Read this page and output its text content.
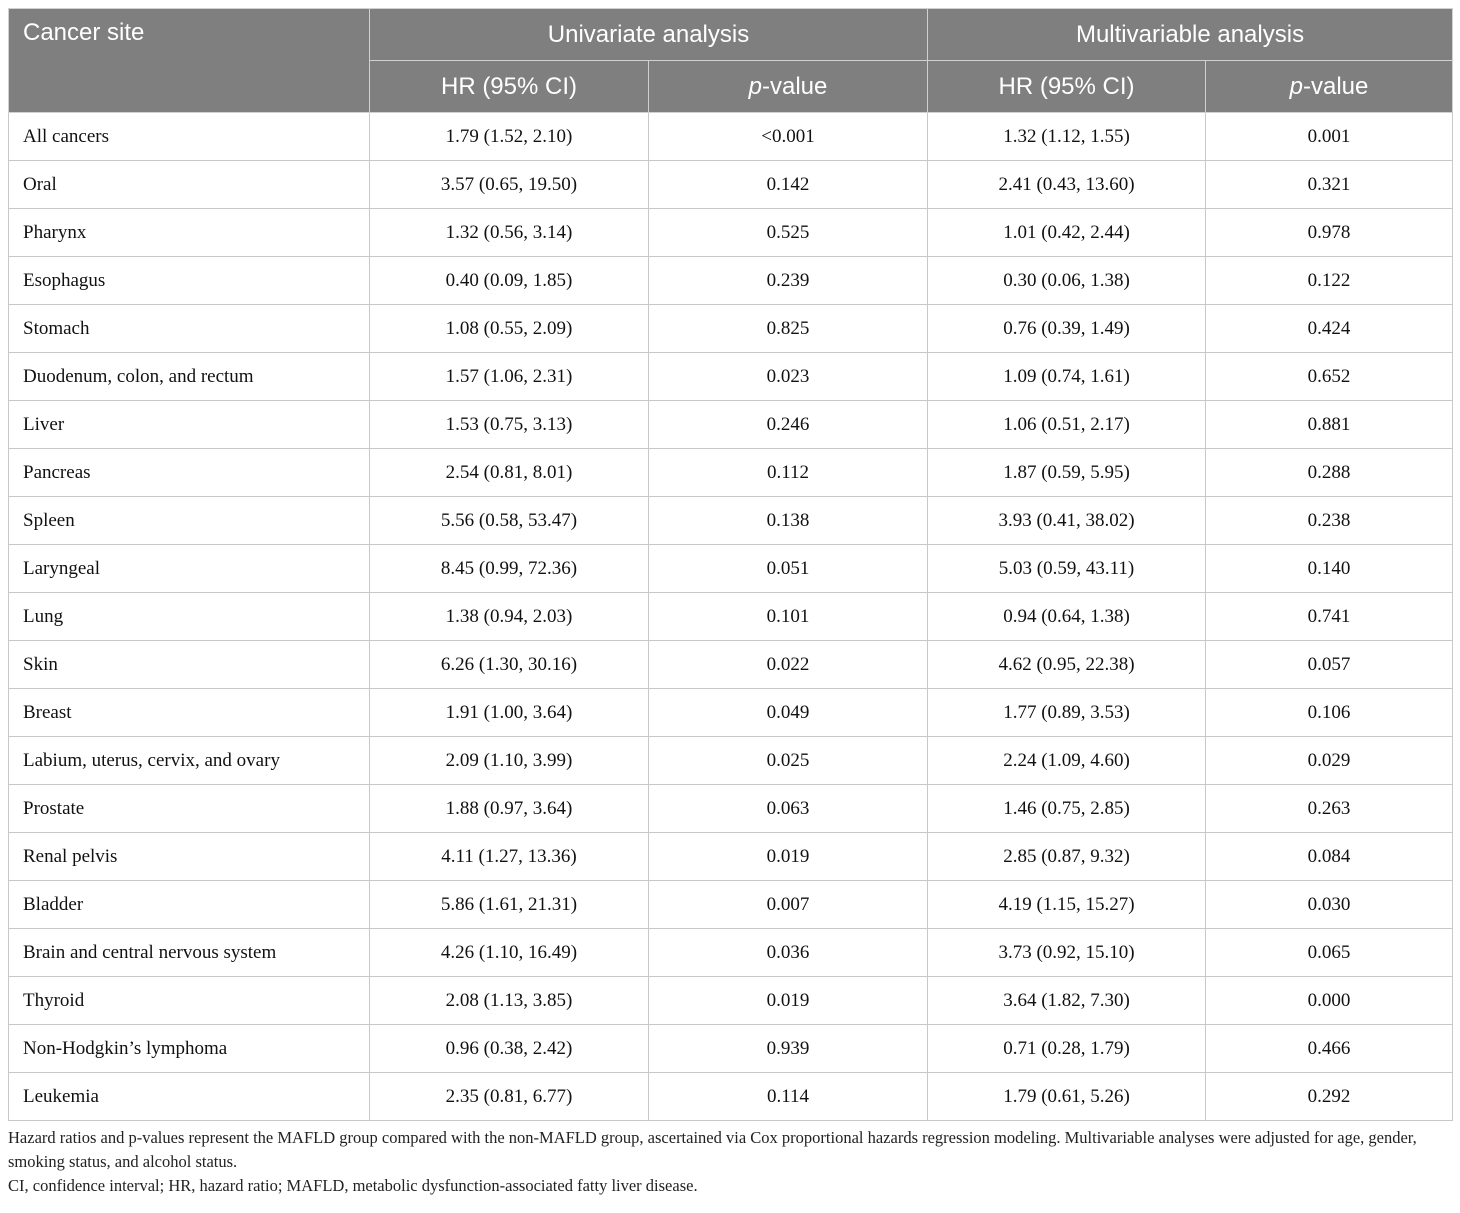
Cancer site	Univariate analysis		Multivariable analysis	
	HR (95% CI)	p-value	HR (95% CI)	p-value
All cancers	1.79 (1.52, 2.10)	<0.001	1.32 (1.12, 1.55)	0.001
Oral	3.57 (0.65, 19.50)	0.142	2.41 (0.43, 13.60)	0.321
Pharynx	1.32 (0.56, 3.14)	0.525	1.01 (0.42, 2.44)	0.978
Esophagus	0.40 (0.09, 1.85)	0.239	0.30 (0.06, 1.38)	0.122
Stomach	1.08 (0.55, 2.09)	0.825	0.76 (0.39, 1.49)	0.424
Duodenum, colon, and rectum	1.57 (1.06, 2.31)	0.023	1.09 (0.74, 1.61)	0.652
Liver	1.53 (0.75, 3.13)	0.246	1.06 (0.51, 2.17)	0.881
Pancreas	2.54 (0.81, 8.01)	0.112	1.87 (0.59, 5.95)	0.288
Spleen	5.56 (0.58, 53.47)	0.138	3.93 (0.41, 38.02)	0.238
Laryngeal	8.45 (0.99, 72.36)	0.051	5.03 (0.59, 43.11)	0.140
Lung	1.38 (0.94, 2.03)	0.101	0.94 (0.64, 1.38)	0.741
Skin	6.26 (1.30, 30.16)	0.022	4.62 (0.95, 22.38)	0.057
Breast	1.91 (1.00, 3.64)	0.049	1.77 (0.89, 3.53)	0.106
Labium, uterus, cervix, and ovary	2.09 (1.10, 3.99)	0.025	2.24 (1.09, 4.60)	0.029
Prostate	1.88 (0.97, 3.64)	0.063	1.46 (0.75, 2.85)	0.263
Renal pelvis	4.11 (1.27, 13.36)	0.019	2.85 (0.87, 9.32)	0.084
Bladder	5.86 (1.61, 21.31)	0.007	4.19 (1.15, 15.27)	0.030
Brain and central nervous system	4.26 (1.10, 16.49)	0.036	3.73 (0.92, 15.10)	0.065
Thyroid	2.08 (1.13, 3.85)	0.019	3.64 (1.82, 7.30)	0.000
Non-Hodgkin’s lymphoma	0.96 (0.38, 2.42)	0.939	0.71 (0.28, 1.79)	0.466
Leukemia	2.35 (0.81, 6.77)	0.114	1.79 (0.61, 5.26)	0.292

Hazard ratios and p-values represent the MAFLD group compared with the non-MAFLD group, ascertained via Cox proportional hazards regression modeling. Multivariable analyses were adjusted for age, gender, smoking status, and alcohol status.

CI, confidence interval; HR, hazard ratio; MAFLD, metabolic dysfunction-associated fatty liver disease.
